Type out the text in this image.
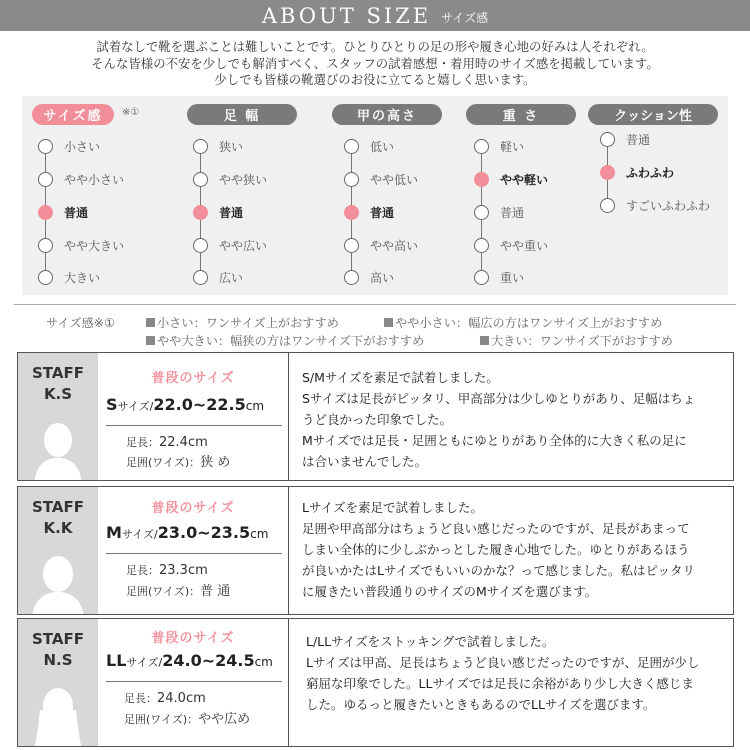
ABOUT SIZE サイズ感
試着なしで靴を選ぶことは難しいことです。ひとりひとりの足の形や履き心地の好みは人それぞれ。
そんな皆様の不安を少しでも解消すべく、スタッフの試着感想・着用時のサイズ感を掲載しています。
少しでも皆様の靴選びのお役に立てると嬉しく思います。
サイズ感	※①
小さい
やや小さい
普通
やや大きい
大きい
足 幅
狭い
やや狭い
普通
やや広い
広い
甲の高さ
低い
やや低い
普通
やや高い
高い
重 さ
軽い
やや軽い
普通
やや重い
重い
クッション性
普通
ふわふわ
すごいふわふわ
サイズ感※①	小さい：ワンサイズ上がおすすめ	やや小さい：幅広の方はワンサイズ上がおすすめ
やや大きい：幅狭の方はワンサイズ下がおすすめ	大きい：ワンサイズ下がおすすめ
STAFF
K.S
普段のサイズ
Sサイズ/22.0~22.5cm
足長：22.4cm
足囲(ワイズ)：狭 め
S/Mサイズを素足で試着しました。
Sサイズは足長がピッタリ、甲高部分は少しゆとりがあり、足幅はちょ
うど良かった印象でした。
Mサイズでは足長・足囲ともにゆとりがあり全体的に大きく私の足に
は合いませんでした。
STAFF
K.K
普段のサイズ
Mサイズ/23.0~23.5cm
足長：23.3cm
足囲(ワイズ)：普 通
Lサイズを素足で試着しました。
足囲や甲高部分はちょうど良い感じだったのですが、足長があまって
しまい全体的に少しぶかっとした履き心地でした。ゆとりがあるほう
が良いかたはLサイズでもいいのかな？って感じました。私はピッタリ
に履きたい普段通りのサイズのMサイズを選びます。
STAFF
N.S
普段のサイズ
LLサイズ/24.0~24.5cm
足長：24.0cm
足囲(ワイズ)：やや広め
L/LLサイズをストッキングで試着しました。
Lサイズは甲高、足長はちょうど良い感じだったのですが、足囲が少し
窮屈な印象でした。LLサイズでは足長に余裕があり少し大きく感じま
した。ゆるっと履きたいときもあるのでLLサイズを選びます。
